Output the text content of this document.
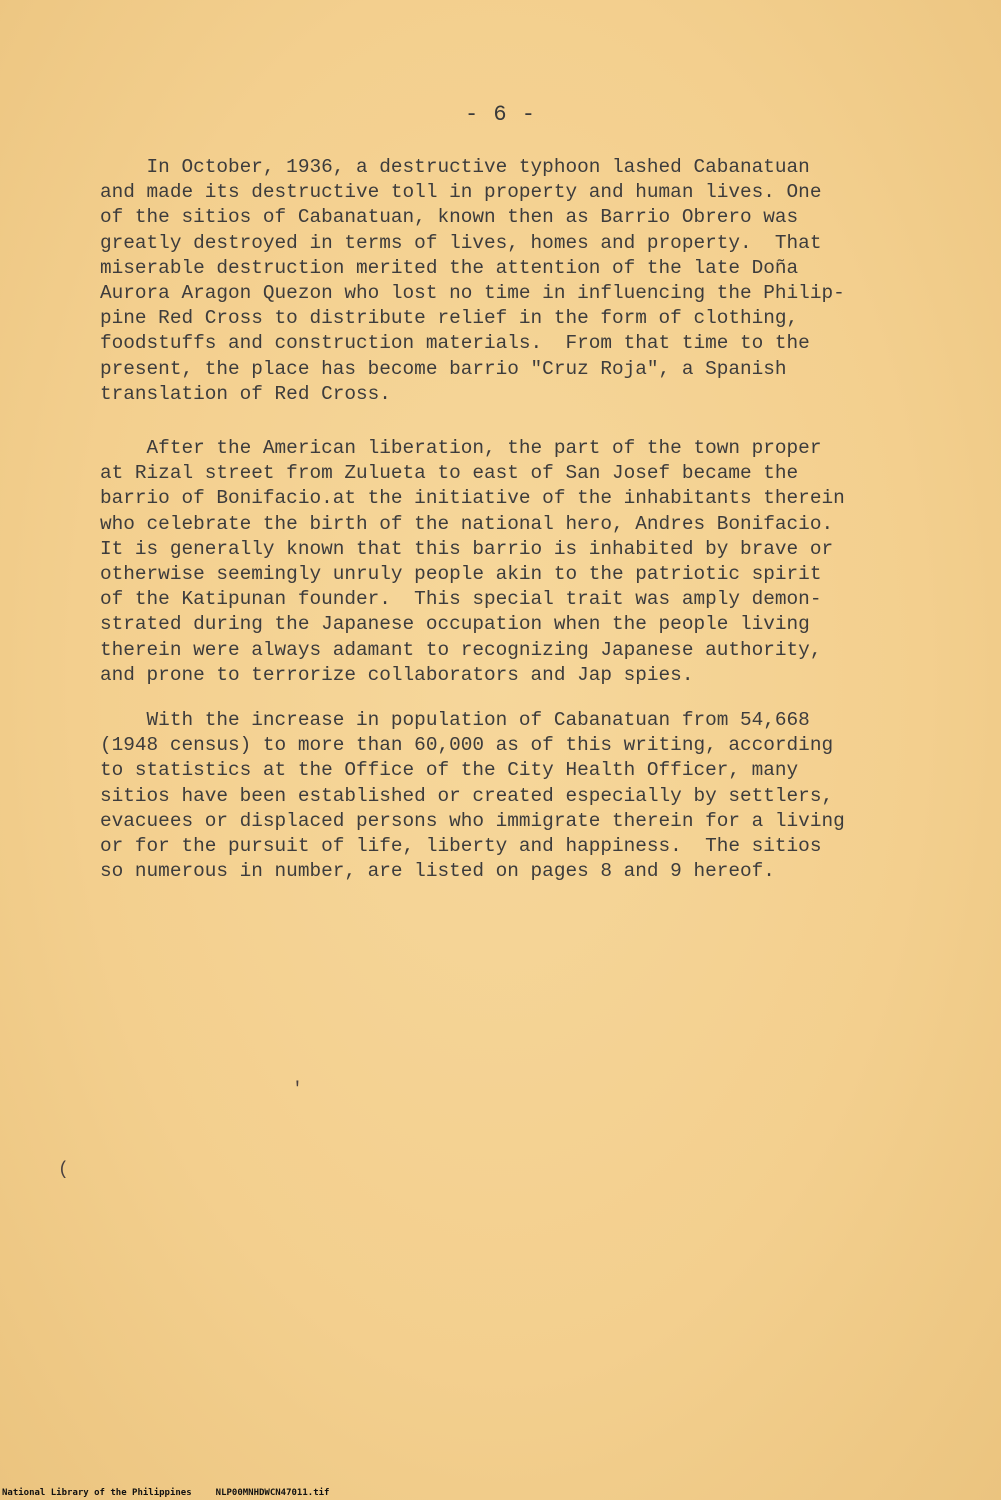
- 6 -
In October, 1936, a destructive typhoon lashed Cabanatuan
and made its destructive toll in property and human lives. One
of the sitios of Cabanatuan, known then as Barrio Obrero was
greatly destroyed in terms of lives, homes and property.  That
miserable destruction merited the attention of the late Doña
Aurora Aragon Quezon who lost no time in influencing the Philip-
pine Red Cross to distribute relief in the form of clothing,
foodstuffs and construction materials.  From that time to the
present, the place has become barrio "Cruz Roja", a Spanish
translation of Red Cross.
After the American liberation, the part of the town proper
at Rizal street from Zulueta to east of San Josef became the
barrio of Bonifacio.at the initiative of the inhabitants therein
who celebrate the birth of the national hero, Andres Bonifacio.
It is generally known that this barrio is inhabited by brave or
otherwise seemingly unruly people akin to the patriotic spirit
of the Katipunan founder.  This special trait was amply demon-
strated during the Japanese occupation when the people living
therein were always adamant to recognizing Japanese authority,
and prone to terrorize collaborators and Jap spies.
With the increase in population of Cabanatuan from 54,668
(1948 census) to more than 60,000 as of this writing, according
to statistics at the Office of the City Health Officer, many
sitios have been established or created especially by settlers,
evacuees or displaced persons who immigrate therein for a living
or for the pursuit of life, liberty and happiness.  The sitios
so numerous in number, are listed on pages 8 and 9 hereof.
′
(
National Library of the Philippines	NLP00MNHDWCN47011.tif
